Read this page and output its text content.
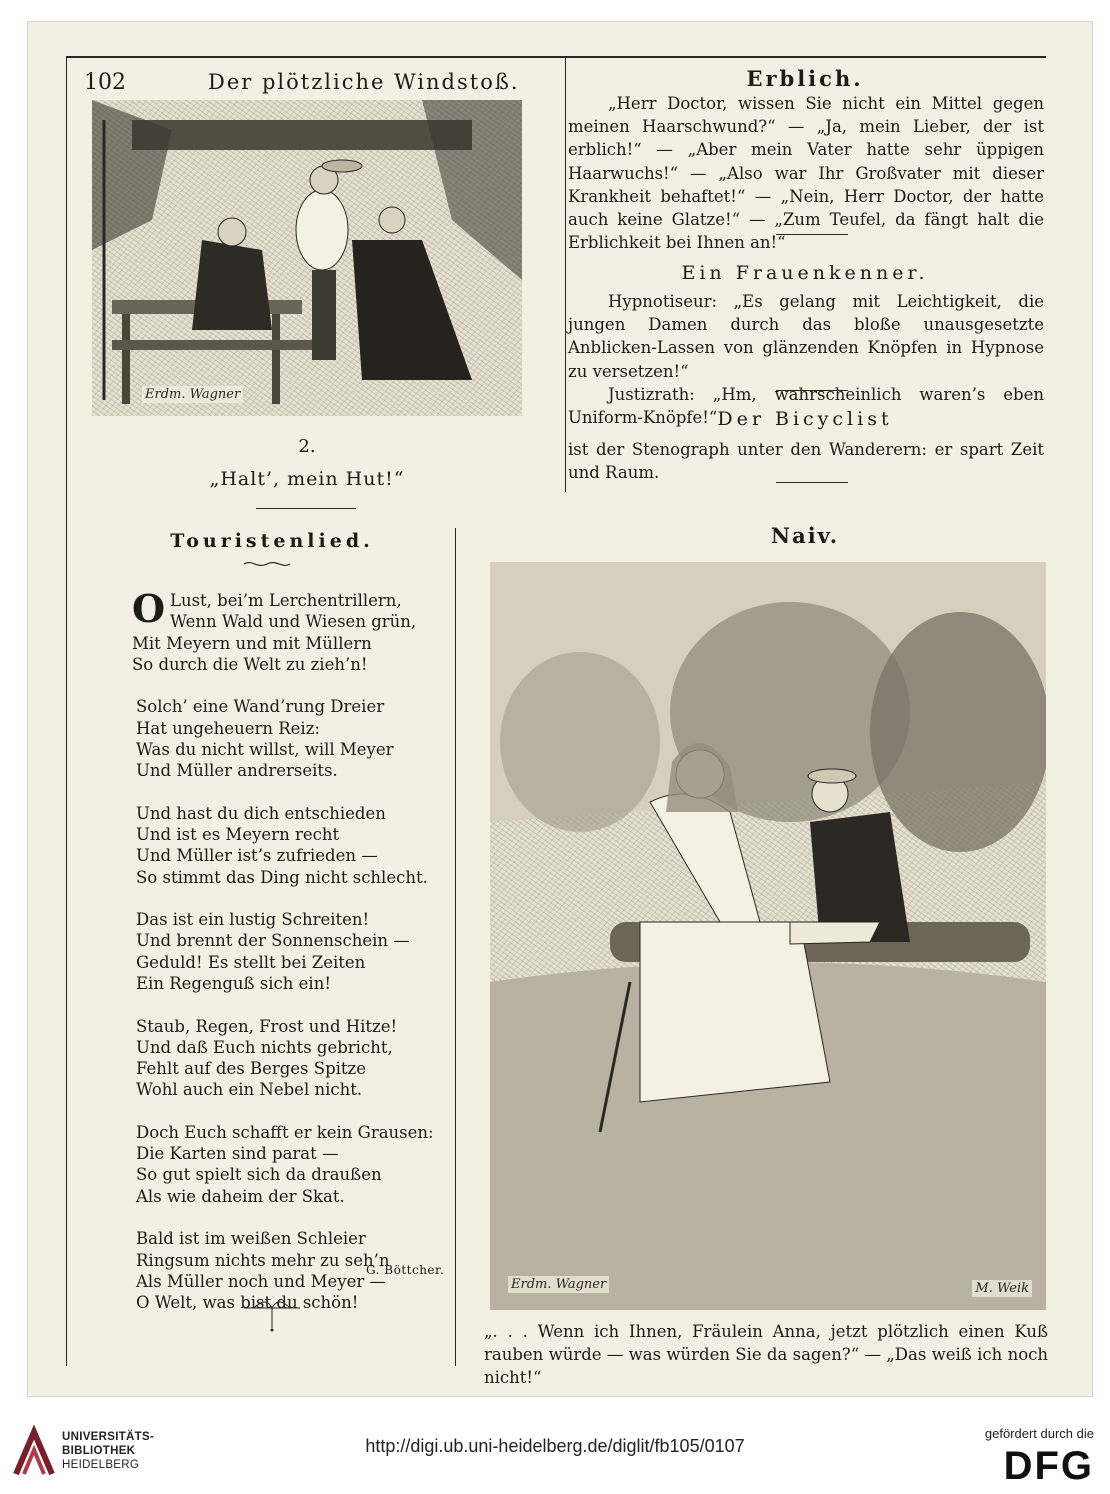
102	Der plötzliche Windstoß.	Erblich.
Erdm. Wagner
2.
„Halt’, mein Hut!“

„Herr Doctor, wissen Sie nicht ein Mittel gegen meinen Haarschwund?“ — „Ja, mein Lieber, der ist erblich!“ — „Aber mein Vater hatte sehr üppigen Haarwuchs!“ — „Also war Ihr Großvater mit dieser Krankheit behaftet!“ — „Nein, Herr Doctor, der hatte auch keine Glatze!“ — „Zum Teufel, da fängt halt die Erblichkeit bei Ihnen an!“

Ein Frauenkenner.

Hypnotiseur: „Es gelang mit Leichtigkeit, die jungen Damen durch das bloße unausgesetzte Anblicken-Lassen von glänzenden Knöpfen in Hypnose zu versetzen!“

Justizrath: „Hm, wahrscheinlich waren’s eben Uniform-Knöpfe!“ Der Bicyclist

ist der Stenograph unter den Wanderern: er spart Zeit und Raum.

Touristenlied.
O Lust, bei’m Lerchentrillern,
Wenn Wald und Wiesen grün,
Mit Meyern und mit Müllern
So durch die Welt zu zieh’n!
Solch’ eine Wand’rung Dreier
Hat ungeheuern Reiz:
Was du nicht willst, will Meyer
Und Müller andrerseits.
Und hast du dich entschieden
Und ist es Meyern recht
Und Müller ist’s zufrieden —
So stimmt das Ding nicht schlecht.
Das ist ein lustig Schreiten!
Und brennt der Sonnenschein —
Geduld! Es stellt bei Zeiten
Ein Regenguß sich ein!
Staub, Regen, Frost und Hitze!
Und daß Euch nichts gebricht,
Fehlt auf des Berges Spitze
Wohl auch ein Nebel nicht.
Doch Euch schafft er kein Grausen:
Die Karten sind parat —
So gut spielt sich da draußen
Als wie daheim der Skat.
Bald ist im weißen Schleier
Ringsum nichts mehr zu seh’n
Als Müller noch und Meyer —
O Welt, was bist du schön!
G. Böttcher.
Naiv.
Erdm. Wagner	M. Weik
„. . . Wenn ich Ihnen, Fräulein Anna, jetzt plötzlich einen Kuß rauben würde — was würden Sie da sagen?“ — „Das weiß ich noch nicht!“
UNIVERSITÄTS-
BIBLIOTHEK
HEIDELBERG
http://digi.ub.uni-heidelberg.de/diglit/fb105/0107
gefördert durch die
DFG
